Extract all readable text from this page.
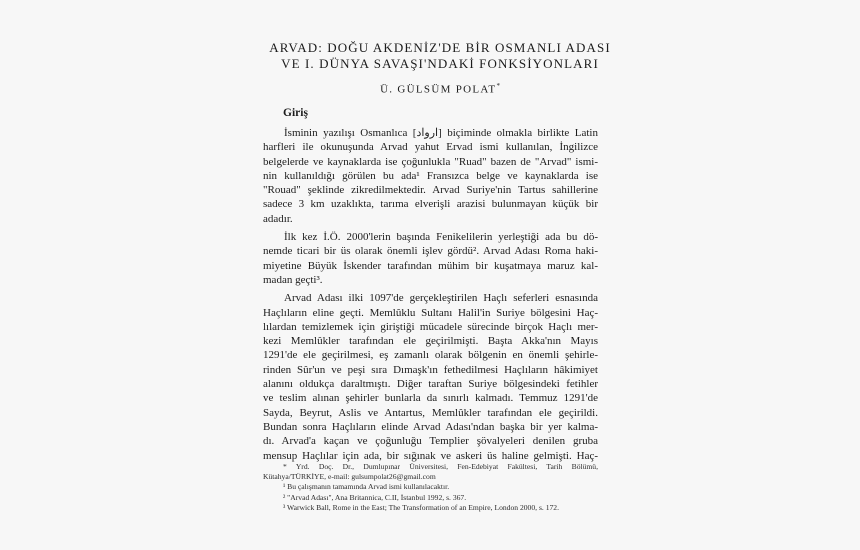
ARVAD: DOĞU AKDENİZ'DE BİR OSMANLI ADASI
VE I. DÜNYA SAVAŞI'NDAKİ FONKSİYONLARI
Ü. GÜLSÜM POLAT*
Giriş
İsminin yazılışı Osmanlıca [ارواد] biçiminde olmakla birlikte Latin
harfleri ile okunuşunda Arvad yahut Ervad ismi kullanılan, İngilizce
belgelerde ve kaynaklarda ise çoğunlukla "Ruad" bazen de "Arvad" ismi-
nin kullanıldığı görülen bu ada¹ Fransızca belge ve kaynaklarda ise
"Rouad" şeklinde zikredilmektedir. Arvad Suriye'nin Tartus sahillerine
sadece 3 km uzaklıkta, tarıma elverişli arazisi bulunmayan küçük bir
adadır.
İlk kez İ.Ö. 2000'lerin başında Fenikelilerin yerleştiği ada bu dö-
nemde ticari bir üs olarak önemli işlev gördü². Arvad Adası Roma haki-
miyetine Büyük İskender tarafından mühim bir kuşatmaya maruz kal-
madan geçti³.
Arvad Adası ilki 1097'de gerçekleştirilen Haçlı seferleri esnasında
Haçlıların eline geçti. Memlûklu Sultanı Halil'in Suriye bölgesini Haç-
lılardan temizlemek için giriştiği mücadele sürecinde birçok Haçlı mer-
kezi Memlûkler tarafından ele geçirilmişti. Başta Akka'nın Mayıs
1291'de ele geçirilmesi, eş zamanlı olarak bölgenin en önemli şehirle-
rinden Sûr'un ve peşi sıra Dımaşk'ın fethedilmesi Haçlıların hâkimiyet
alanını oldukça daraltmıştı. Diğer taraftan Suriye bölgesindeki fetihler
ve teslim alınan şehirler bunlarla da sınırlı kalmadı. Temmuz 1291'de
Sayda, Beyrut, Aslis ve Antartus, Memlûkler tarafından ele geçirildi.
Bundan sonra Haçlıların elinde Arvad Adası'ndan başka bir yer kalma-
dı. Arvad'a kaçan ve çoğunluğu Templier şövalyeleri denilen gruba
mensup Haçlılar için ada, bir sığınak ve askeri üs haline gelmişti. Haç-
* Yrd. Doç. Dr., Dumlupınar Üniversitesi, Fen-Edebiyat Fakültesi, Tarih Bölümü,
Kütahya/TÜRKİYE, e-mail: gulsumpolat26@gmail.com
¹ Bu çalışmanın tamamında Arvad ismi kullanılacaktır.
² "Arvad Adası", Ana Britannica, C.II, İstanbul 1992, s. 367.
³ Warwick Ball, Rome in the East; The Transformation of an Empire, London 2000, s. 172.
